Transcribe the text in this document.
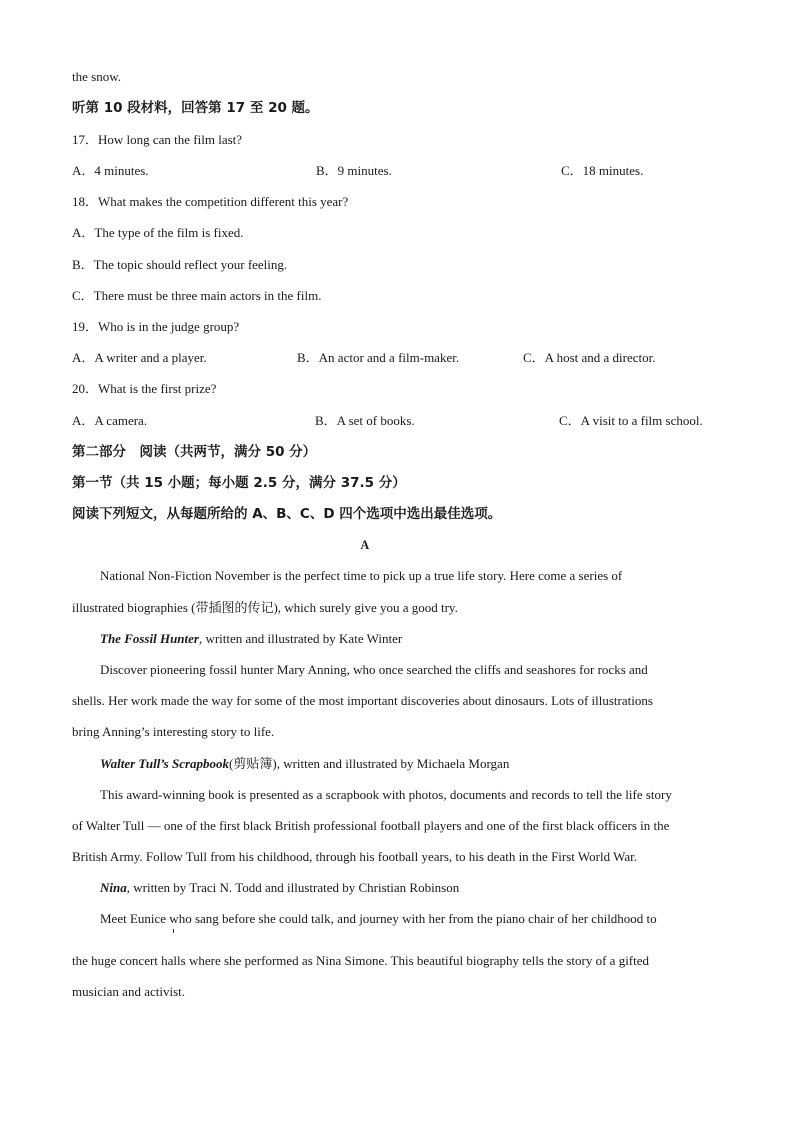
the snow.
听第 10 段材料，回答第 17 至 20 题。
17．How long can the film last?
A．4 minutes.	B．9 minutes.	C．18 minutes.
18．What makes the competition different this year?
A．The type of the film is fixed.
B．The topic should reflect your feeling.
C．There must be three main actors in the film.
19．Who is in the judge group?
A．A writer and a player.	B．An actor and a film-maker.	C．A host and a director.
20．What is the first prize?
A．A camera.	B．A set of books.	C．A visit to a film school.
第二部分　阅读（共两节，满分 50 分）
第一节（共 15 小题；每小题 2.5 分，满分 37.5 分）
阅读下列短文，从每题所给的 A、B、C、D 四个选项中选出最佳选项。
A
National Non-Fiction November is the perfect time to pick up a true life story. Here come a series of
illustrated biographies (带插图的传记), which surely give you a good try.
The Fossil Hunter, written and illustrated by Kate Winter
Discover pioneering fossil hunter Mary Anning, who once searched the cliffs and seashores for rocks and
shells. Her work made the way for some of the most important discoveries about dinosaurs. Lots of illustrations
bring Anning’s interesting story to life.
Walter Tull’s Scrapbook(剪贴簿), written and illustrated by Michaela Morgan
This award-winning book is presented as a scrapbook with photos, documents and records to tell the life story
of Walter Tull — one of the first black British professional football players and one of the first black officers in the
British Army. Follow Tull from his childhood, through his football years, to his death in the First World War.
Nina, written by Traci N. Todd and illustrated by Christian Robinson
Meet Eunice who sang before she could talk, and journey with her from the piano chair of her childhood to
the huge concert halls where she performed as Nina Simone. This beautiful biography tells the story of a gifted
musician and activist.
